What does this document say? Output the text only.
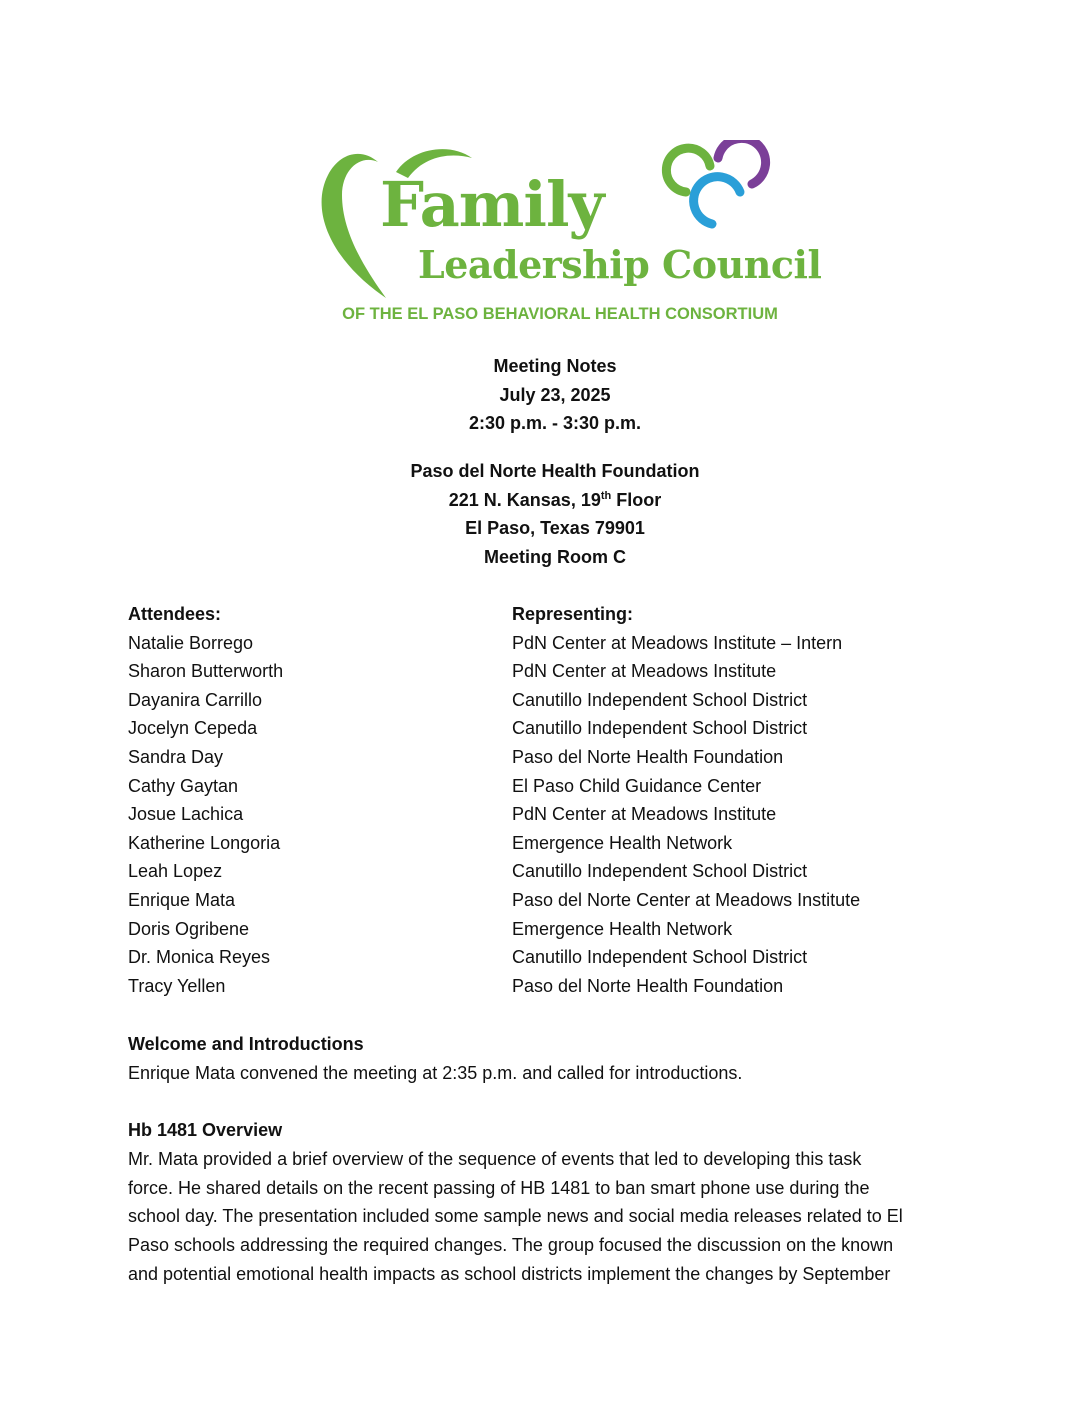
Family
Leadership Council
OF THE EL PASO BEHAVIORAL HEALTH CONSORTIUM
Meeting Notes
July 23, 2025
2:30 p.m. - 3:30 p.m.
Paso del Norte Health Foundation
221 N. Kansas, 19th Floor
El Paso, Texas 79901
Meeting Room C
Attendees:	Representing:
Natalie Borrego	PdN Center at Meadows Institute – Intern
Sharon Butterworth	PdN Center at Meadows Institute
Dayanira Carrillo	Canutillo Independent School District
Jocelyn Cepeda	Canutillo Independent School District
Sandra Day	Paso del Norte Health Foundation
Cathy Gaytan	El Paso Child Guidance Center
Josue Lachica	PdN Center at Meadows Institute
Katherine Longoria	Emergence Health Network
Leah Lopez	Canutillo Independent School District
Enrique Mata	Paso del Norte Center at Meadows Institute
Doris Ogribene	Emergence Health Network
Dr. Monica Reyes	Canutillo Independent School District
Tracy Yellen	Paso del Norte Health Foundation
Welcome and Introductions
Enrique Mata convened the meeting at 2:35 p.m. and called for introductions.
Hb 1481 Overview
Mr. Mata provided a brief overview of the sequence of events that led to developing this task
force. He shared details on the recent passing of HB 1481 to ban smart phone use during the
school day. The presentation included some sample news and social media releases related to El
Paso schools addressing the required changes. The group focused the discussion on the known
and potential emotional health impacts as school districts implement the changes by September
